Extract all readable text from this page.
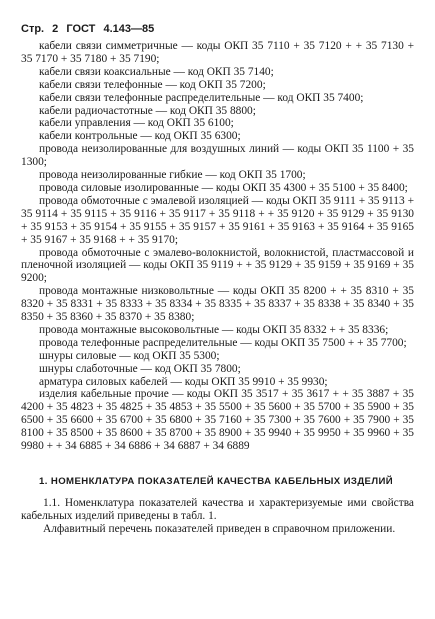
Стр. 2 ГОСТ 4.143—85

кабели связи симметричные — коды ОКП 35 7110 + 35 7120 + + 35 7130 + 35 7170 + 35 7180 + 35 7190;

кабели связи коаксиальные — код ОКП 35 7140;

кабели связи телефонные — код ОКП 35 7200;

кабели связи телефонные распределительные — код ОКП 35 7400;

кабели радиочастотные — код ОКП 35 8800;

кабели управления — код ОКП 35 6100;

кабели контрольные — код ОКП 35 6300;

провода неизолированные для воздушных линий — коды ОКП 35 1100 + 35 1300;

провода неизолированные гибкие — код ОКП 35 1700;

провода силовые изолированные — коды ОКП 35 4300 + 35 5100 + 35 8400;

провода обмоточные с эмалевой изоляцией — коды ОКП 35 9111 + 35 9113 + 35 9114 + 35 9115 + 35 9116 + 35 9117 + 35 9118 + + 35 9120 + 35 9129 + 35 9130 + 35 9153 + 35 9154 + 35 9155 + 35 9157 + 35 9161 + 35 9163 + 35 9164 + 35 9165 + 35 9167 + 35 9168 + + 35 9170;

провода обмоточные с эмалево-волокнистой, волокнистой, пластмассовой и пленочной изоляцией — коды ОКП 35 9119 + + 35 9129 + 35 9159 + 35 9169 + 35 9200;

провода монтажные низковольтные — коды ОКП 35 8200 + + 35 8310 + 35 8320 + 35 8331 + 35 8333 + 35 8334 + 35 8335 + 35 8337 + 35 8338 + 35 8340 + 35 8350 + 35 8360 + 35 8370 + 35 8380;

провода монтажные высоковольтные — коды ОКП 35 8332 + + 35 8336;

провода телефонные распределительные — коды ОКП 35 7500 + + 35 7700;

шнуры силовые — код ОКП 35 5300;

шнуры слаботочные — код ОКП 35 7800;

арматура силовых кабелей — коды ОКП 35 9910 + 35 9930;

изделия кабельные прочие — коды ОКП 35 3517 + 35 3617 + + 35 3887 + 35 4200 + 35 4823 + 35 4825 + 35 4853 + 35 5500 + 35 5600 + 35 5700 + 35 5900 + 35 6500 + 35 6600 + 35 6700 + 35 6800 + 35 7160 + 35 7300 + 35 7600 + 35 7900 + 35 8100 + 35 8500 + 35 8600 + 35 8700 + 35 8900 + 35 9940 + 35 9950 + 35 9960 + 35 9980 + + 34 6885 + 34 6886 + 34 6887 + 34 6889

1. НОМЕНКЛАТУРА ПОКАЗАТЕЛЕЙ КАЧЕСТВА КАБЕЛЬНЫХ ИЗДЕЛИЙ

1.1. Номенклатура показателей качества и характеризуемые ими свойства кабельных изделий приведены в табл. 1.

Алфавитный перечень показателей приведен в справочном приложении.
